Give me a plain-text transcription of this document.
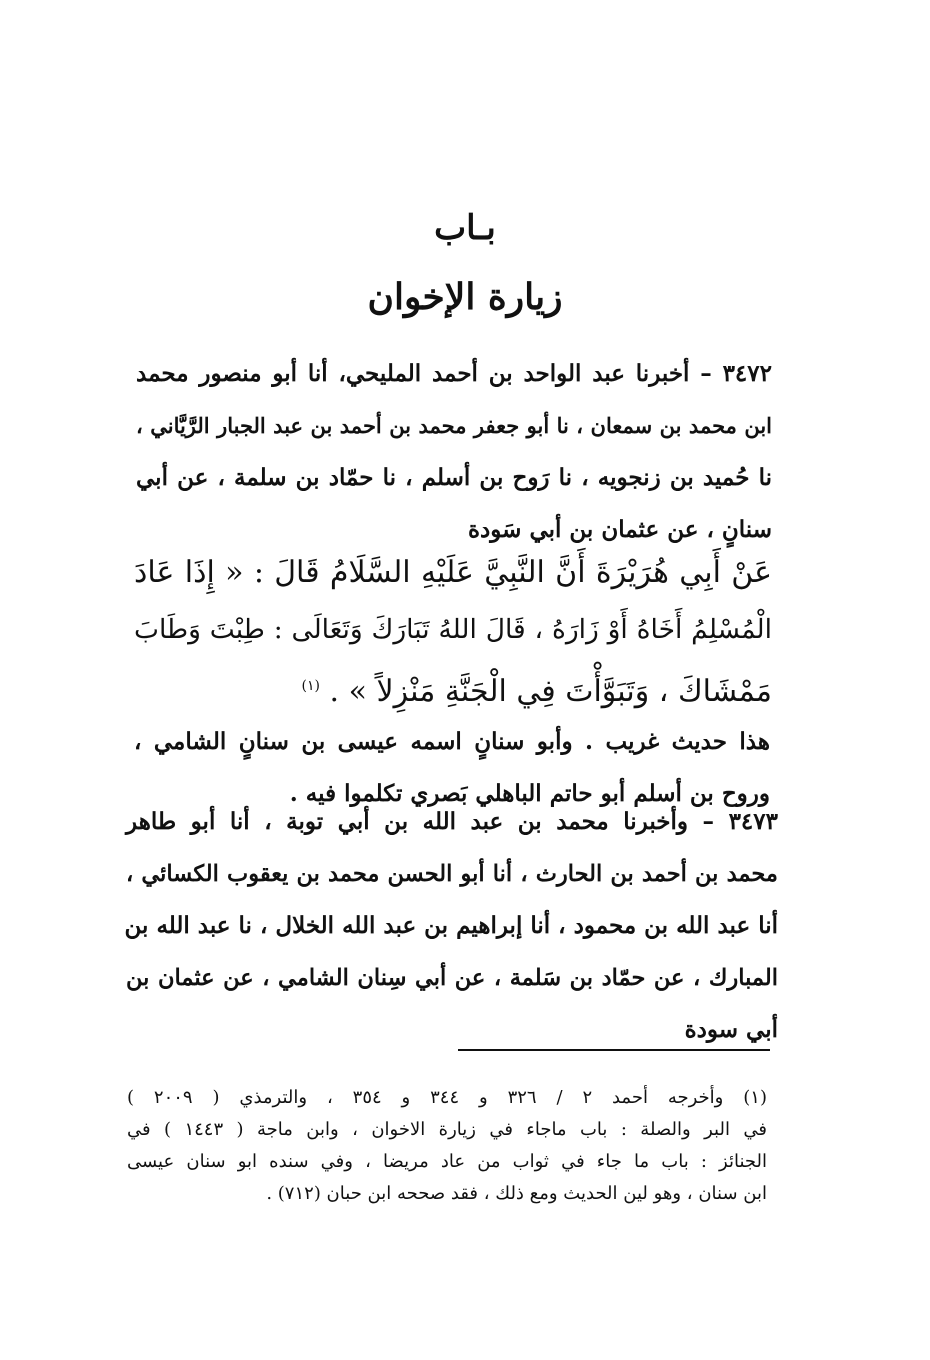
بـاب
زيارة الإخوان
٣٤٧٢ – أخبرنا عبد الواحد بن أحمد المليحي، أنا أبو منصور محمد
ابن محمد بن سمعان ، نا أبو جعفر محمد بن أحمد بن عبد الجبار الرَّيَّاني ،
نا حُميد بن زنجويه ، نا رَوح بن أسلم ، نا حمّاد بن سلمة ، عن أبي
سنانٍ ، عن عثمان بن أبي سَودة
عَنْ أَبِي هُرَيْرَةَ أَنَّ النَّبِيَّ عَلَيْهِ السَّلَامُ قَالَ : « إِذَا عَادَ
الْمُسْلِمُ أَخَاهُ أَوْ زَارَهُ ، قَالَ اللهُ تَبَارَكَ وَتَعَالَى : طِبْتَ وَطَابَ
مَمْشَاكَ ، وَتَبَوَّأْتَ فِي الْجَنَّةِ مَنْزِلاً » . $^{(١)}$
هذا حديث غريب . وأبو سنانٍ اسمه عيسى بن سنانٍ الشامي ،
وروح بن أسلم أبو حاتم الباهلي بَصري تكلموا فيه .
٣٤٧٣ – وأخبرنا محمد بن عبد الله بن أبي توبة ، أنا أبو طاهر
محمد بن أحمد بن الحارث ، أنا أبو الحسن محمد بن يعقوب الكسائي ،
أنا عبد الله بن محمود ، أنا إبراهيم بن عبد الله الخلال ، نا عبد الله بن
المبارك ، عن حمّاد بن سَلمة ، عن أبي سِنان الشامي ، عن عثمان بن
أبي سودة
(١) وأخرجه أحمد ٢ / ٣٢٦ و ٣٤٤ و ٣٥٤ ، والترمذي ( ٢٠٠٩ )
في البر والصلة : باب ماجاء في زيارة الاخوان ، وابن ماجة ( ١٤٤٣ ) في
الجنائز : باب ما جاء في ثواب من عاد مريضا ، وفي سنده ابو سنان عيسى
ابن سنان ، وهو لين الحديث ومع ذلك ، فقد صححه ابن حبان (٧١٢) .
